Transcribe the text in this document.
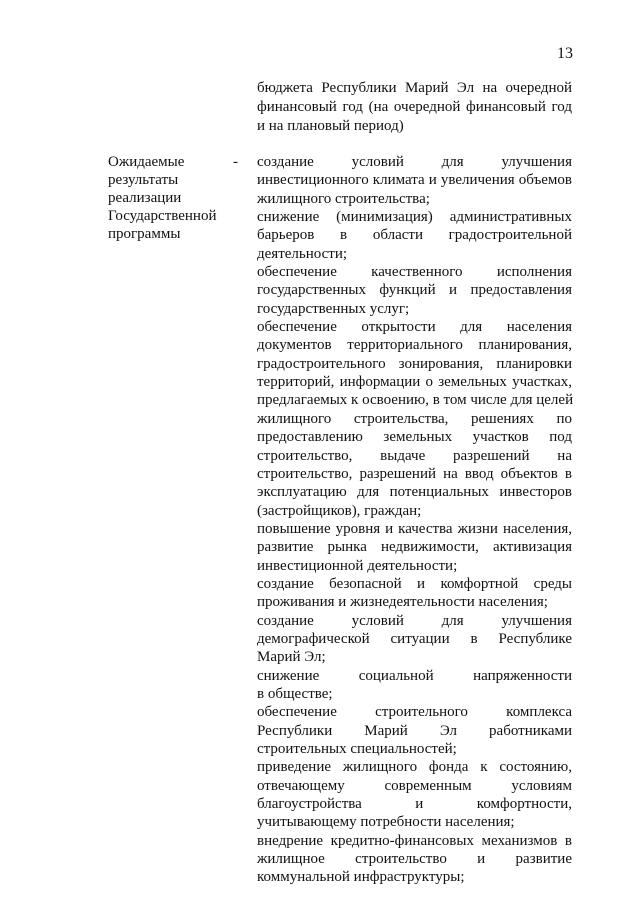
13
бюджета Республики Марий Эл на очередной
финансовый год (на очередной финансовый год
и на плановый период)
Ожидаемые
результаты
реализации
Государственной
программы
- создание условий для улучшения
инвестиционного климата и увеличения объемов
жилищного строительства;
снижение (минимизация) административных
барьеров в области градостроительной
деятельности;
обеспечение качественного исполнения
государственных функций и предоставления
государственных услуг;
обеспечение открытости для населения
документов территориального планирования,
градостроительного зонирования, планировки
территорий, информации о земельных участках,
предлагаемых к освоению, в том числе для целей
жилищного строительства, решениях по
предоставлению земельных участков под
строительство, выдаче разрешений на
строительство, разрешений на ввод объектов в
эксплуатацию для потенциальных инвесторов
(застройщиков), граждан;
повышение уровня и качества жизни населения,
развитие рынка недвижимости, активизация
инвестиционной деятельности;
создание безопасной и комфортной среды
проживания и жизнедеятельности населения;
создание условий для улучшения
демографической ситуации в Республике
Марий Эл;
снижение социальной напряженности
в обществе;
обеспечение строительного комплекса
Республики Марий Эл работниками
строительных специальностей;
приведение жилищного фонда к состоянию,
отвечающему современным условиям
благоустройства и комфортности,
учитывающему потребности населения;
внедрение кредитно-финансовых механизмов в
жилищное строительство и развитие
коммунальной инфраструктуры;
